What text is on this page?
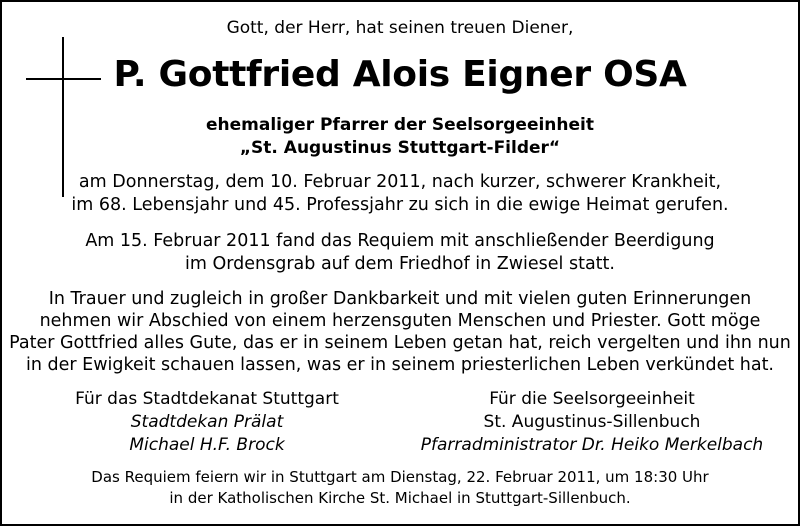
Gott, der Herr, hat seinen treuen Diener,
P. Gottfried Alois Eigner OSA
ehemaliger Pfarrer der Seelsorgeeinheit
„St. Augustinus Stuttgart-Filder“
am Donnerstag, dem 10. Februar 2011, nach kurzer, schwerer Krankheit,
im 68. Lebensjahr und 45. Professjahr zu sich in die ewige Heimat gerufen.
Am 15. Februar 2011 fand das Requiem mit anschließender Beerdigung
im Ordensgrab auf dem Friedhof in Zwiesel statt.
In Trauer und zugleich in großer Dankbarkeit und mit vielen guten Erinnerungen
nehmen wir Abschied von einem herzensguten Menschen und Priester. Gott möge
Pater Gottfried alles Gute, das er in seinem Leben getan hat, reich vergelten und ihn nun
in der Ewigkeit schauen lassen, was er in seinem priesterlichen Leben verkündet hat.
Für das Stadtdekanat Stuttgart
Stadtdekan Prälat
Michael H.F. Brock
Für die Seelsorgeeinheit
St. Augustinus-Sillenbuch
Pfarradministrator Dr. Heiko Merkelbach
Das Requiem feiern wir in Stuttgart am Dienstag, 22. Februar 2011, um 18:30 Uhr
in der Katholischen Kirche St. Michael in Stuttgart-Sillenbuch.
